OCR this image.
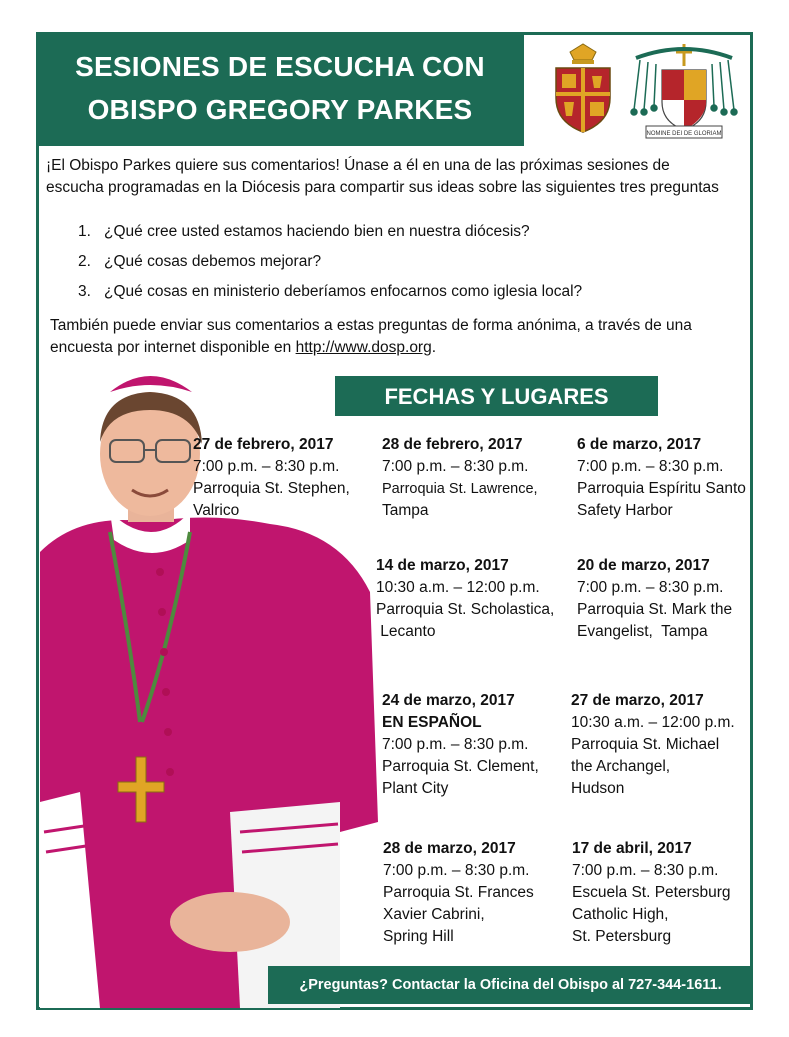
SESIONES DE ESCUCHA CON
OBISPO GREGORY PARKES
NOMINE DEI DE GLORIAM
¡El Obispo Parkes quiere sus comentarios! Únase a él en una de las próximas sesiones de escucha programadas en la Diócesis para compartir sus ideas sobre las siguientes tres preguntas
1. ¿Qué cree usted estamos haciendo bien en nuestra diócesis?
2. ¿Qué cosas debemos mejorar?
3. ¿Qué cosas en ministerio deberíamos enfocarnos como iglesia local?
También puede enviar sus comentarios a estas preguntas de forma anónima, a través de una encuesta por internet disponible en http://www.dosp.org.
FECHAS Y LUGARES
27 de febrero, 2017
7:00 p.m. – 8:30 p.m.
Parroquia St. Stephen,
Valrico
28 de febrero, 2017
7:00 p.m. – 8:30 p.m.
Parroquia St. Lawrence,
Tampa
6 de marzo, 2017
7:00 p.m. – 8:30 p.m.
Parroquia Espíritu Santo
Safety Harbor
14 de marzo, 2017
10:30 a.m. – 12:00 p.m.
Parroquia St. Scholastica,
Lecanto
20 de marzo, 2017
7:00 p.m. – 8:30 p.m.
Parroquia St. Mark the
Evangelist,  Tampa
24 de marzo, 2017
EN ESPAÑOL
7:00 p.m. – 8:30 p.m.
Parroquia St. Clement,
Plant City
27 de marzo, 2017
10:30 a.m. – 12:00 p.m.
Parroquia St. Michael
the Archangel,
Hudson
28 de marzo, 2017
7:00 p.m. – 8:30 p.m.
Parroquia St. Frances
Xavier Cabrini,
Spring Hill
17 de abril, 2017
7:00 p.m. – 8:30 p.m.
Escuela St. Petersburg
Catholic High,
St. Petersburg
¿Preguntas? Contactar la Oficina del Obispo al 727-344-1611.
